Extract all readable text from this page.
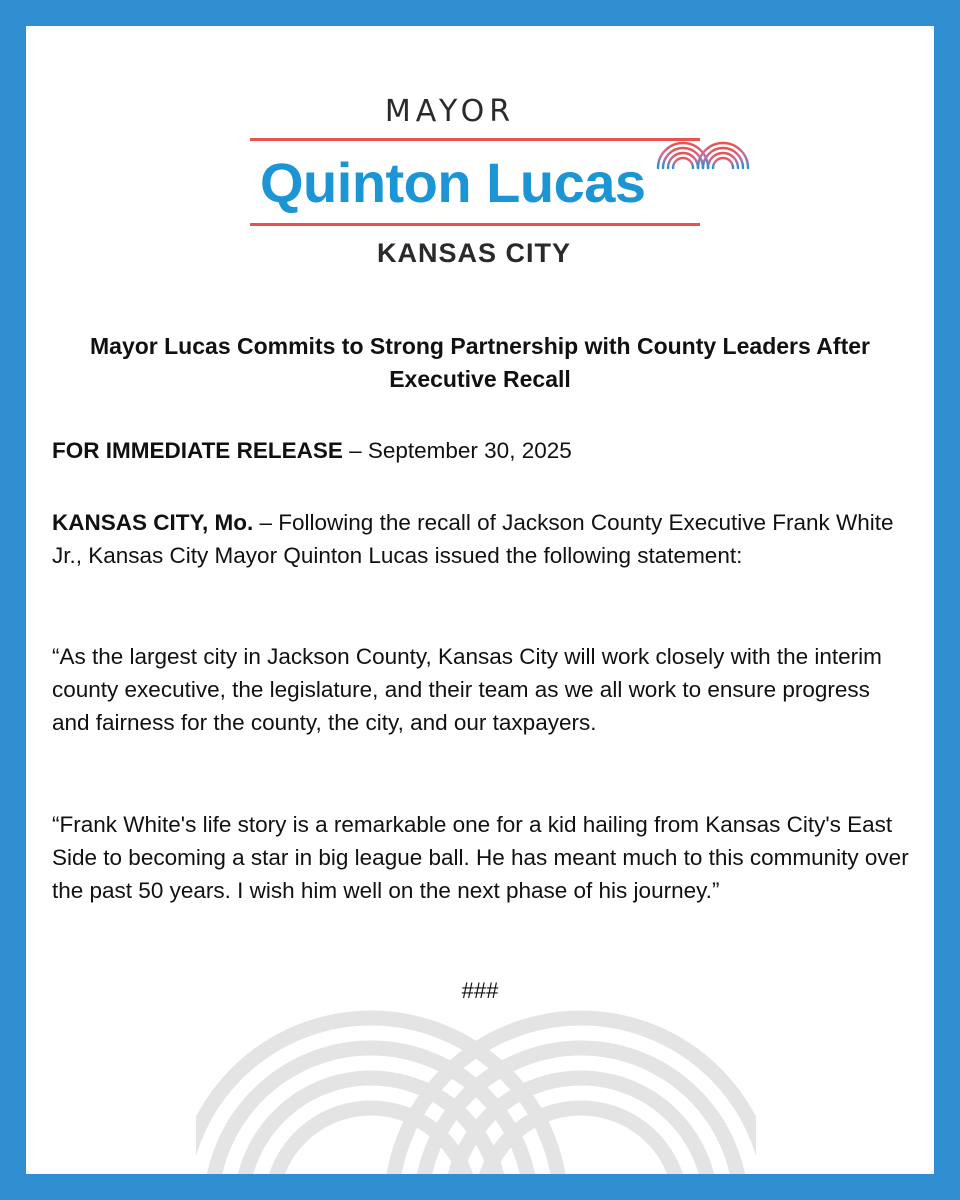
MAYOR
Quinton Lucas
KANSAS CITY
Mayor Lucas Commits to Strong Partnership with County Leaders After Executive Recall

FOR IMMEDIATE RELEASE – September 30, 2025

KANSAS CITY, Mo. – Following the recall of Jackson County Executive Frank White Jr., Kansas City Mayor Quinton Lucas issued the following statement:

“As the largest city in Jackson County, Kansas City will work closely with the interim county executive, the legislature, and their team as we all work to ensure progress and fairness for the county, the city, and our taxpayers.

“Frank White's life story is a remarkable one for a kid hailing from Kansas City's East Side to becoming a star in big league ball. He has meant much to this community over the past 50 years. I wish him well on the next phase of his journey.”

###
